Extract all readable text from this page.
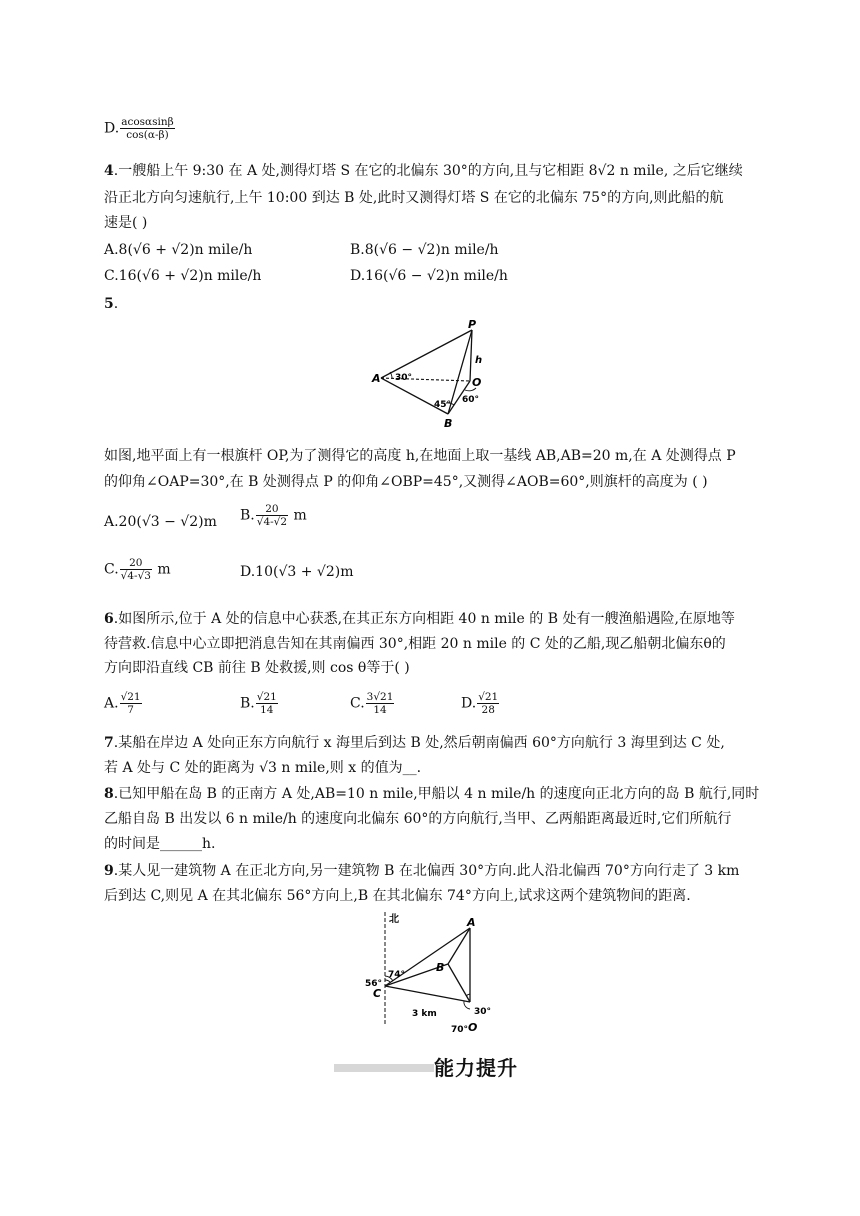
D. $\frac{acos\alpha\sin\beta}{\cos(\alpha-\beta)}$
4.一艘船上午 9:30 在 A 处,测得灯塔 S 在它的北偏东 30°的方向,且与它相距 8√2 n mile, 之后它继续
沿正北方向匀速航行,上午 10:00 到达 B 处,此时又测得灯塔 S 在它的北偏东 75°的方向,则此船的航
速是( )
A.8(√6 + √2)n mile/h	B.8(√6 − √2)n mile/h
C.16(√6 + √2)n mile/h	D.16(√6 − √2)n mile/h
5.
P
h
A	O
B
30°
45° 60°
如图,地平面上有一根旗杆 OP,为了测得它的高度 h,在地面上取一基线 AB,AB=20 m,在 A 处测得点 P
的仰角∠OAP=30°,在 B 处测得点 P 的仰角∠OBP=45°,又测得∠AOB=60°,则旗杆的高度为 ( )
A.20(√3 − √2)m B. $\frac{20}{√4-√2}$ m
C. $\frac{20}{√4-√3}$ m	D.10(√3 + √2)m
6.如图所示,位于 A 处的信息中心获悉,在其正东方向相距 40 n mile 的 B 处有一艘渔船遇险,在原地等
待营救.信息中心立即把消息告知在其南偏西 30°,相距 20 n mile 的 C 处的乙船,现乙船朝北偏东θ的
方向即沿直线 CB 前往 B 处救援,则 cos θ等于( )
A. $\frac{√21}{7}$	B. $\frac{√21}{14}$	C. $\frac{3√21}{14}$	D. $\frac{√21}{28}$
7.某船在岸边 A 处向正东方向航行 x 海里后到达 B 处,然后朝南偏西 60°方向航行 3 海里到达 C 处,
若 A 处与 C 处的距离为 √3 n mile,则 x 的值为__.
8.已知甲船在岛 B 的正南方 A 处,AB=10 n mile,甲船以 4 n mile/h 的速度向正北方向的岛 B 航行,同时
乙船自岛 B 出发以 6 n mile/h 的速度向北偏东 60°的方向航行,当甲、乙两船距离最近时,它们所航行
的时间是______h.
9.某人见一建筑物 A 在正北方向,另一建筑物 B 在北偏西 30°方向.此人沿北偏西 70°方向行走了 3 km
后到达 C,则见 A 在其北偏东 56°方向上,B 在其北偏东 74°方向上,试求这两个建筑物间的距离.
北	A
B
C
O
56°
74°
30°
70°
3 km
能力提升
